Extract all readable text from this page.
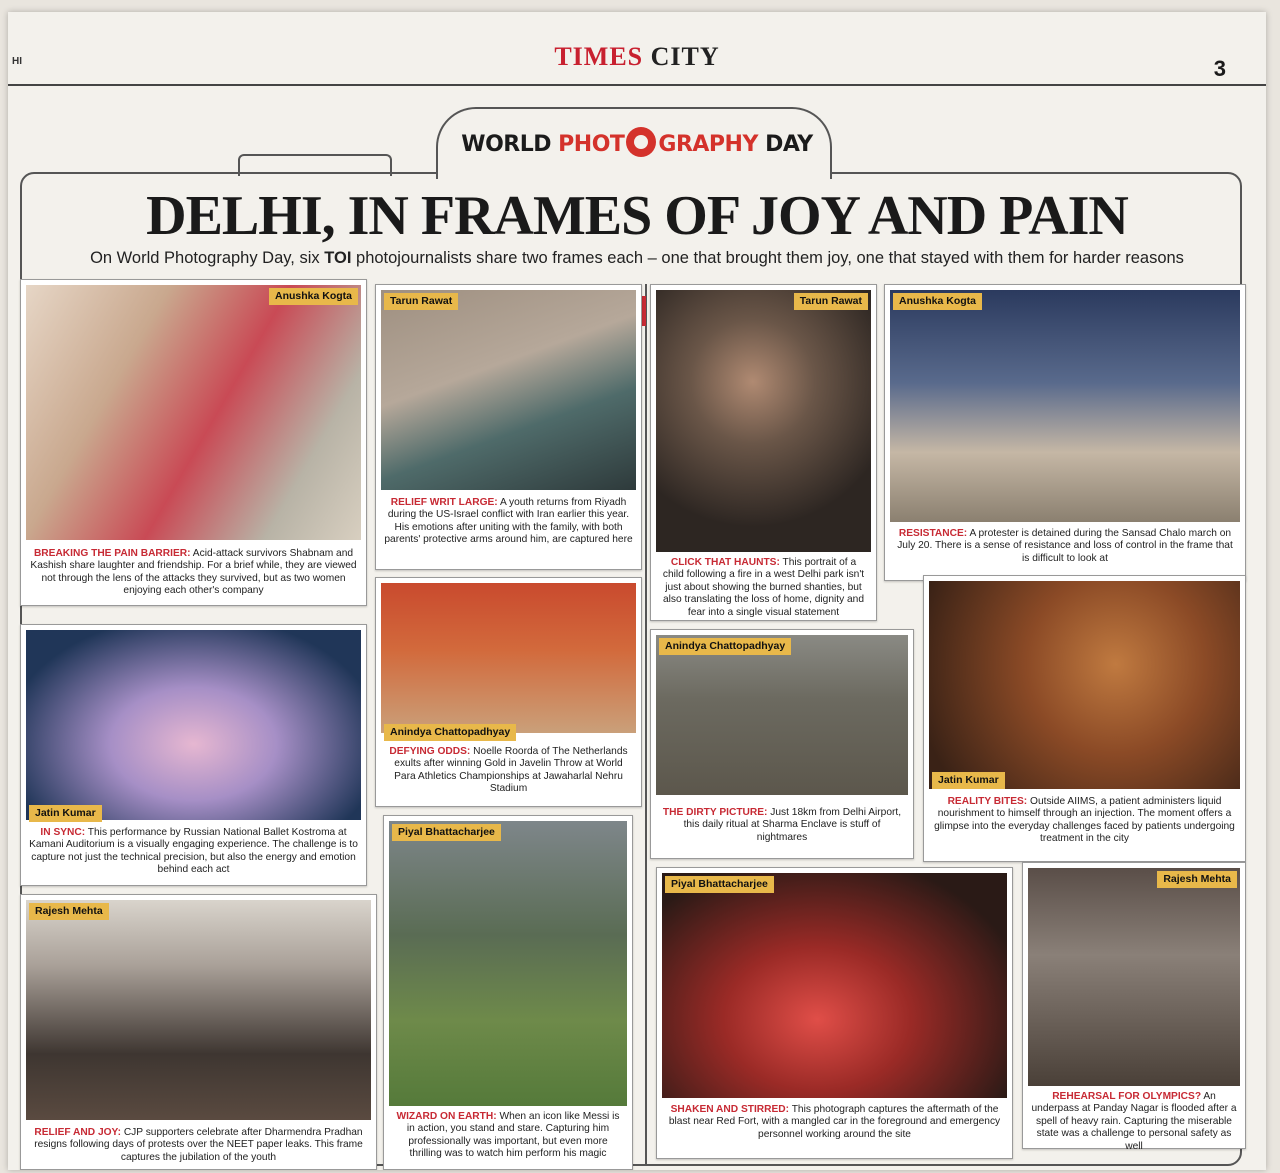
HI	TIMES CITY	3
WORLD PHOT GRAPHY DAY
DELHI, IN FRAMES OF JOY AND PAIN
On World Photography Day, six TOI photojournalists share two frames each – one that brought them joy, one that stayed with them for harder reasons
Anushka Kogta
BREAKING THE PAIN BARRIER: Acid-attack survivors Shabnam and Kashish share laughter and friendship. For a brief while, they are viewed not through the lens of the attacks they survived, but as two women enjoying each other's company
Tarun Rawat
RELIEF WRIT LARGE: A youth returns from Riyadh during the US-Israel conflict with Iran earlier this year. His emotions after uniting with the family, with both parents' protective arms around him, are captured here
Tarun Rawat
CLICK THAT HAUNTS: This portrait of a child following a fire in a west Delhi park isn't just about showing the burned shanties, but also translating the loss of home, dignity and fear into a single visual statement
Anushka Kogta
RESISTANCE: A protester is detained during the Sansad Chalo march on July 20. There is a sense of resistance and loss of control in the frame that is difficult to look at
Jatin Kumar
IN SYNC: This performance by Russian National Ballet Kostroma at Kamani Auditorium is a visually engaging experience. The challenge is to capture not just the technical precision, but also the energy and emotion behind each act
Anindya Chattopadhyay
DEFYING ODDS: Noelle Roorda of The Netherlands exults after winning Gold in Javelin Throw at World Para Athletics Championships at Jawaharlal Nehru Stadium
Anindya Chattopadhyay
THE DIRTY PICTURE: Just 18km from Delhi Airport, this daily ritual at Sharma Enclave is stuff of nightmares
Jatin Kumar
REALITY BITES: Outside AIIMS, a patient administers liquid nourishment to himself through an injection. The moment offers a glimpse into the everyday challenges faced by patients undergoing treatment in the city
Piyal Bhattacharjee
WIZARD ON EARTH: When an icon like Messi is in action, you stand and stare. Capturing him professionally was important, but even more thrilling was to watch him perform his magic
Rajesh Mehta
RELIEF AND JOY: CJP supporters celebrate after Dharmendra Pradhan resigns following days of protests over the NEET paper leaks. This frame captures the jubilation of the youth
Piyal Bhattacharjee
SHAKEN AND STIRRED: This photograph captures the aftermath of the blast near Red Fort, with a mangled car in the foreground and emergency personnel working around the site
Rajesh Mehta
REHEARSAL FOR OLYMPICS? An underpass at Panday Nagar is flooded after a spell of heavy rain. Capturing the miserable state was a challenge to personal safety as well
